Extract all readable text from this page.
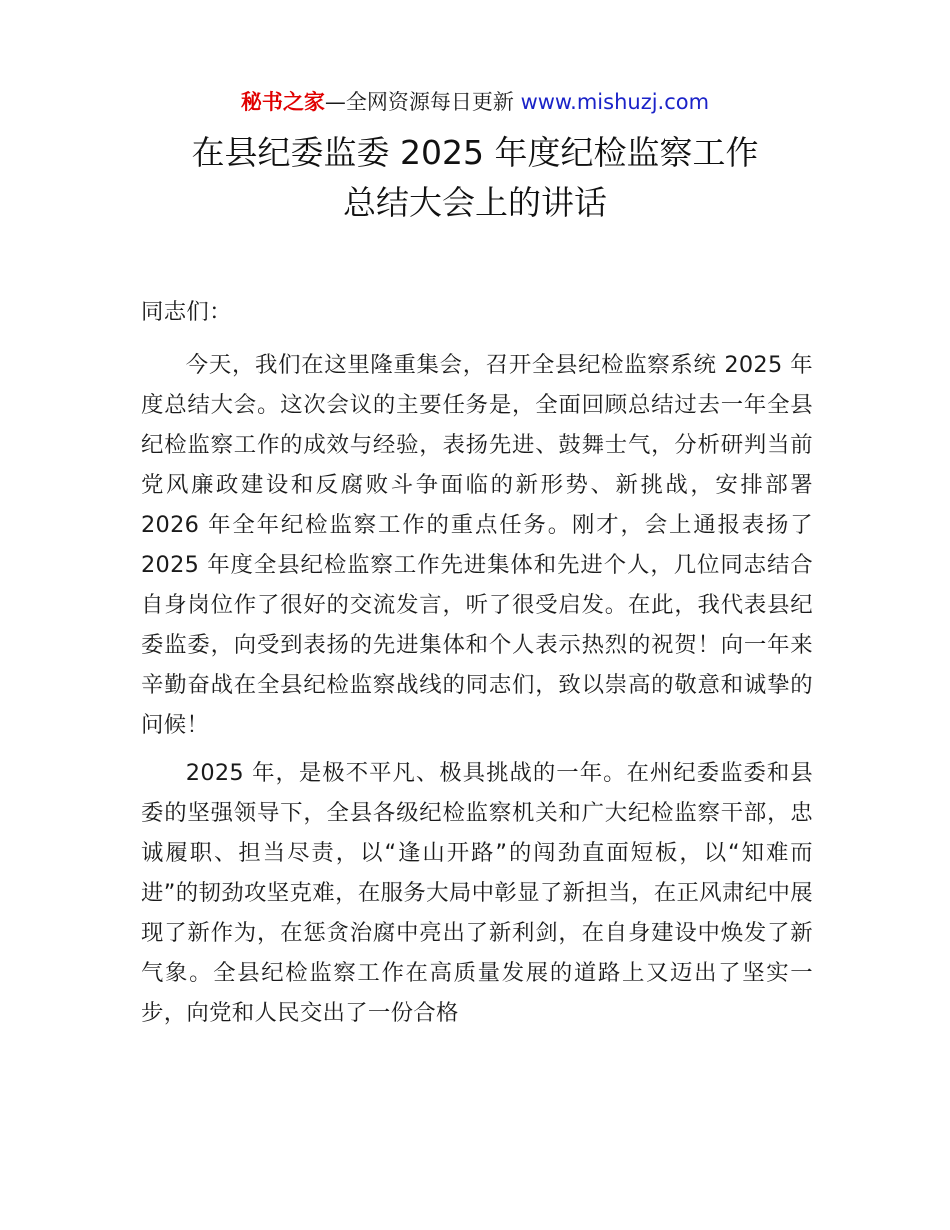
秘书之家—全网资源每日更新 www.mishuzj.com
在县纪委监委 2025 年度纪检监察工作
总结大会上的讲话

同志们：

今天，我们在这里隆重集会，召开全县纪检监察系统 2025 年度总结大会。这次会议的主要任务是，全面回顾总结过去一年全县纪检监察工作的成效与经验，表扬先进、鼓舞士气，分析研判当前党风廉政建设和反腐败斗争面临的新形势、新挑战，安排部署 2026 年全年纪检监察工作的重点任务。刚才，会上通报表扬了 2025 年度全县纪检监察工作先进集体和先进个人，几位同志结合自身岗位作了很好的交流发言，听了很受启发。在此，我代表县纪委监委，向受到表扬的先进集体和个人表示热烈的祝贺！向一年来辛勤奋战在全县纪检监察战线的同志们，致以崇高的敬意和诚挚的问候！

2025 年，是极不平凡、极具挑战的一年。在州纪委监委和县委的坚强领导下，全县各级纪检监察机关和广大纪检监察干部，忠诚履职、担当尽责，以“逢山开路”的闯劲直面短板，以“知难而进”的韧劲攻坚克难，在服务大局中彰显了新担当，在正风肃纪中展现了新作为，在惩贪治腐中亮出了新利剑，在自身建设中焕发了新气象。全县纪检监察工作在高质量发展的道路上又迈出了坚实一步，向党和人民交出了一份合格
